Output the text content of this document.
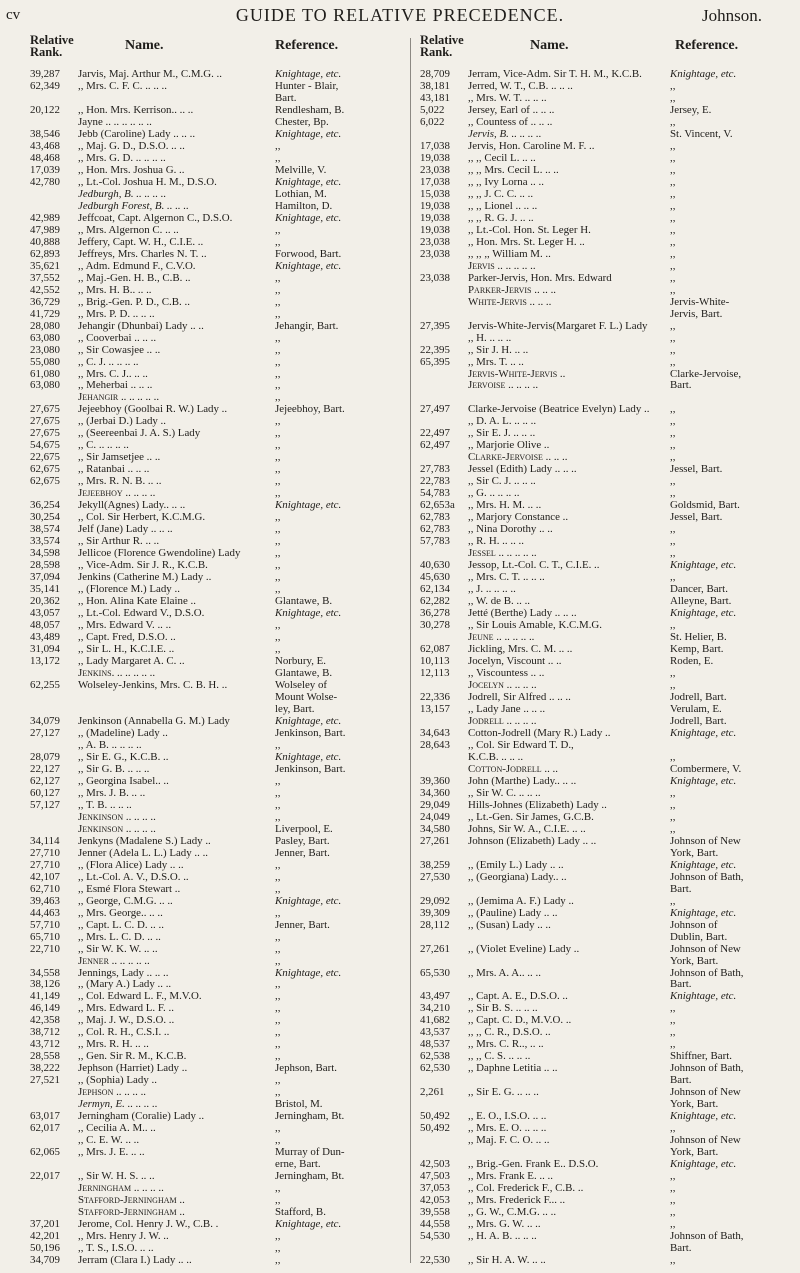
cv	GUIDE TO RELATIVE PRECEDENCE.	Johnson.
Relative Rank.	Name.	Reference.	Relative Rank.	Name.	Reference.
39,287	Jarvis, Maj. Arthur M., C.M.G. ..	Knightage, etc.
62,349	,, Mrs. C. F. C. .. .. ..	Hunter - Blair,
Bart.
20,122	,, Hon. Mrs. Kerrison.. .. ..	Rendlesham, B.
Jayne .. .. .. .. .. ..	Chester, Bp.
38,546	Jebb (Caroline) Lady .. .. ..	Knightage, etc.
43,468	,, Maj. G. D., D.S.O. .. ..	,,
48,468	,, Mrs. G. D. .. .. .. ..	,,
17,039	,, Hon. Mrs. Joshua G. ..	Melville, V.
42,780	,, Lt.-Col. Joshua H. M., D.S.O.	Knightage, etc.
Jedburgh, B. .. .. .. ..	Lothian, M.
Jedburgh Forest, B. .. .. ..	Hamilton, D.
42,989	Jeffcoat, Capt. Algernon C., D.S.O.	Knightage, etc.
47,989	,, Mrs. Algernon C. .. ..	,,
40,888	Jeffery, Capt. W. H., C.I.E. ..	,,
62,893	Jeffreys, Mrs. Charles N. T. ..	Forwood, Bart.
35,621	,, Adm. Edmund F., C.V.O.	Knightage, etc.
37,552	,, Maj.-Gen. H. B., C.B. ..	,,
42,552	,, Mrs. H. B.. .. ..	,,
36,729	,, Brig.-Gen. P. D., C.B. ..	,,
41,729	,, Mrs. P. D. .. .. ..	,,
28,080	Jehangir (Dhunbai) Lady .. ..	Jehangir, Bart.
63,080	,, Cooverbai .. .. ..	,,
23,080	,, Sir Cowasjee .. ..	,,
55,080	,, C. J. .. .. .. ..	,,
61,080	,, Mrs. C. J.. .. ..	,,
63,080	,, Meherbai .. .. ..	,,
Jehangir .. .. .. .. ..	,,
27,675	Jejeebhoy (Goolbai R. W.) Lady ..	Jejeebhoy, Bart.
27,675	,, (Jerbai D.) Lady ..	,,
27,675	,, (Seereenbai J. A. S.) Lady	,,
54,675	,, C. .. .. .. ..	,,
22,675	,, Sir Jamsetjee .. ..	,,
62,675	,, Ratanbai .. .. ..	,,
62,675	,, Mrs. R. N. B. .. ..	,,
Jejeebhoy .. .. .. ..	,,
36,254	Jekyll(Agnes) Lady.. .. ..	Knightage, etc.
30,254	,, Col. Sir Herbert, K.C.M.G.	,,
38,574	Jelf (Jane) Lady .. .. ..	,,
33,574	,, Sir Arthur R. .. ..	,,
34,598	Jellicoe (Florence Gwendoline) Lady	,,
28,598	,, Vice-Adm. Sir J. R., K.C.B.	,,
37,094	Jenkins (Catherine M.) Lady ..	,,
35,141	,, (Florence M.) Lady ..	,,
20,362	,, Hon. Alina Kate Elaine ..	Glantawe, B.
43,057	,, Lt.-Col. Edward V., D.S.O.	Knightage, etc.
48,057	,, Mrs. Edward V. .. ..	,,
43,489	,, Capt. Fred, D.S.O. ..	,,
31,094	,, Sir L. H., K.C.I.E. ..	,,
13,172	,, Lady Margaret A. C. ..	Norbury, E.
Jenkins. .. .. .. .. ..	Glantawe, B.
62,255	Wolseley-Jenkins, Mrs. C. B. H. ..	Wolseley of
Mount Wolse-
ley, Bart.
34,079	Jenkinson (Annabella G. M.) Lady	Knightage, etc.
27,127	,, (Madeline) Lady ..	Jenkinson, Bart.
,, A. B. .. .. .. ..	,,
28,079	,, Sir E. G., K.C.B. ..	Knightage, etc.
22,127	,, Sir G. B. .. .. ..	Jenkinson, Bart.
62,127	,, Georgina Isabel.. ..	,,
60,127	,, Mrs. J. B. .. ..	,,
57,127	,, T. B. .. .. ..	,,
Jenkinson .. .. .. ..	,,
Jenkinson .. .. .. ..	Liverpool, E.
34,114	Jenkyns (Madalene S.) Lady ..	Pasley, Bart.
27,710	Jenner (Adela L. L.) Lady .. ..	Jenner, Bart.
27,710	,, (Flora Alice) Lady .. ..	,,
42,107	,, Lt.-Col. A. V., D.S.O. ..	,,
62,710	,, Esmé Flora Stewart ..	,,
39,463	,, George, C.M.G. .. ..	Knightage, etc.
44,463	,, Mrs. George.. .. ..	,,
57,710	,, Capt. L. C. D. .. ..	Jenner, Bart.
65,710	,, Mrs. L. C. D. .. ..	,,
22,710	,, Sir W. K. W. .. ..	,,
Jenner .. .. .. .. ..	,,
34,558	Jennings, Lady .. .. ..	Knightage, etc.
38,126	,, (Mary A.) Lady .. ..	,,
41,149	,, Col. Edward L. F., M.V.O.	,,
46,149	,, Mrs. Edward L. F. ..	,,
42,358	,, Maj. J. W., D.S.O. ..	,,
38,712	,, Col. R. H., C.S.I. ..	,,
43,712	,, Mrs. R. H. .. ..	,,
28,558	,, Gen. Sir R. M., K.C.B.	,,
38,222	Jephson (Harriet) Lady ..	Jephson, Bart.
27,521	,, (Sophia) Lady ..	,,
Jephson .. .. .. ..	,,
Jermyn, E. .. .. .. ..	Bristol, M.
63,017	Jerningham (Coralie) Lady ..	Jerningham, Bt.
62,017	,, Cecilia A. M.. ..	,,
,, C. E. W. .. ..	,,
62,065	,, Mrs. J. E. .. ..	Murray of Dun-
erne, Bart.
22,017	,, Sir W. H. S. .. ..	Jerningham, Bt.
Jerningham .. .. .. ..	,,
Stafford-Jerningham ..	,,
Stafford-Jerningham ..	Stafford, B.
37,201	Jerome, Col. Henry J. W., C.B. .	Knightage, etc.
42,201	,, Mrs. Henry J. W. ..	,,
50,196	,, T. S., I.S.O. .. ..	,,
34,709	Jerram (Clara I.) Lady .. ..	,,
28,709	Jerram, Vice-Adm. Sir T. H. M., K.C.B.	Knightage, etc.
38,181	Jerred, W. T., C.B. .. .. ..	,,
43,181	,, Mrs. W. T. .. .. ..	,,
5,022	Jersey, Earl of .. .. ..	Jersey, E.
6,022	,, Countess of .. .. ..	,,
Jervis, B. .. .. .. ..	St. Vincent, V.
17,038	Jervis, Hon. Caroline M. F. ..	,,
19,038	,, ,, Cecil L. .. ..	,,
23,038	,, ,, Mrs. Cecil L. .. ..	,,
17,038	,, ,, Ivy Lorna .. ..	,,
15,038	,, ,, J. C. C. .. ..	,,
19,038	,, ,, Lionel .. .. ..	,,
19,038	,, ,, R. G. J. .. ..	,,
19,038	,, Lt.-Col. Hon. St. Leger H.	,,
23,038	,, Hon. Mrs. St. Leger H. ..	,,
23,038	,, ,, ,, William M. ..	,,
Jervis .. .. .. .. ..	,,
23,038	Parker-Jervis, Hon. Mrs. Edward	,,
Parker-Jervis .. .. ..	,,
White-Jervis .. .. ..	Jervis-White-
Jervis, Bart.
27,395	Jervis-White-Jervis(Margaret F. L.) Lady	,,
,, H. .. .. ..	,,
22,395	,, Sir J. H. .. ..	,,
65,395	,, Mrs. T. .. ..	,,
Jervis-White-Jervis ..	Clarke-Jervoise,
Jervoise .. .. .. ..	Bart.
27,497	Clarke-Jervoise (Beatrice Evelyn) Lady ..	,,
,, D. A. L. .. .. ..	,,
22,497	,, Sir E. J. .. .. ..	,,
62,497	,, Marjorie Olive ..	,,
Clarke-Jervoise .. .. ..	,,
27,783	Jessel (Edith) Lady .. .. ..	Jessel, Bart.
22,783	,, Sir C. J. .. .. ..	,,
54,783	,, G. .. .. .. ..	,,
62,653a	,, Mrs. H. M. .. ..	Goldsmid, Bart.
62,783	,, Marjory Constance ..	Jessel, Bart.
62,783	,, Nina Dorothy .. ..	,,
57,783	,, R. H. .. .. ..	,,
Jessel .. .. .. .. ..	,,
40,630	Jessop, Lt.-Col. C. T., C.I.E. ..	Knightage, etc.
45,630	,, Mrs. C. T. .. .. ..	,,
62,134	,, J. .. .. .. ..	Dancer, Bart.
62,282	,, W. de B. .. ..	Alleyne, Bart.
36,278	Jetté (Berthe) Lady .. .. ..	Knightage, etc.
30,278	,, Sir Louis Amable, K.C.M.G.	,,
Jeune .. .. .. .. ..	St. Helier, B.
62,087	Jickling, Mrs. C. M. .. ..	Kemp, Bart.
10,113	Jocelyn, Viscount .. ..	Roden, E.
12,113	,, Viscountess .. ..	,,
Jocelyn .. .. .. ..	,,
22,336	Jodrell, Sir Alfred .. .. ..	Jodrell, Bart.
13,157	,, Lady Jane .. .. ..	Verulam, E.
Jodrell .. .. .. ..	Jodrell, Bart.
34,643	Cotton-Jodrell (Mary R.) Lady ..	Knightage, etc.
28,643	,, Col. Sir Edward T. D.,
K.C.B. .. .. ..	,,
Cotton-Jodrell .. ..	Combermere, V.
39,360	John (Marthe) Lady.. .. ..	Knightage, etc.
34,360	,, Sir W. C. .. .. ..	,,
29,049	Hills-Johnes (Elizabeth) Lady ..	,,
24,049	,, Lt.-Gen. Sir James, G.C.B.	,,
34,580	Johns, Sir W. A., C.I.E. .. ..	,,
27,261	Johnson (Elizabeth) Lady .. ..	Johnson of New
York, Bart.
38,259	,, (Emily L.) Lady .. ..	Knightage, etc.
27,530	,, (Georgiana) Lady.. ..	Johnson of Bath,
Bart.
29,092	,, (Jemima A. F.) Lady ..	,,
39,309	,, (Pauline) Lady .. ..	Knightage, etc.
28,112	,, (Susan) Lady .. ..	Johnson of
Dublin, Bart.
27,261	,, (Violet Eveline) Lady ..	Johnson of New
York, Bart.
65,530	,, Mrs. A. A.. .. ..	Johnson of Bath,
Bart.
43,497	,, Capt. A. E., D.S.O. ..	Knightage, etc.
34,210	,, Sir B. S. .. .. ..	,,
41,682	,, Capt. C. D., M.V.O. ..	,,
43,537	,, ,, C. R., D.S.O. ..	,,
48,537	,, Mrs. C. R.., .. ..	,,
62,538	,, ,, C. S. .. .. ..	Shiffner, Bart.
62,530	,, Daphne Letitia .. ..	Johnson of Bath,
Bart.
2,261	,, Sir E. G. .. .. ..	Johnson of New
York, Bart.
50,492	,, E. O., I.S.O. .. ..	Knightage, etc.
50,492	,, Mrs. E. O. .. .. ..	,,
,, Maj. F. C. O. .. ..	Johnson of New
York, Bart.
42,503	,, Brig.-Gen. Frank E.. D.S.O.	Knightage, etc.
47,503	,, Mrs. Frank E. .. ..	,,
37,053	,, Col. Frederick F., C.B. ..	,,
42,053	,, Mrs. Frederick F... ..	,,
39,558	,, G. W., C.M.G. .. ..	,,
44,558	,, Mrs. G. W. .. ..	,,
54,530	,, H. A. B. .. .. ..	Johnson of Bath,
Bart.
22,530	,, Sir H. A. W. .. ..	,,
